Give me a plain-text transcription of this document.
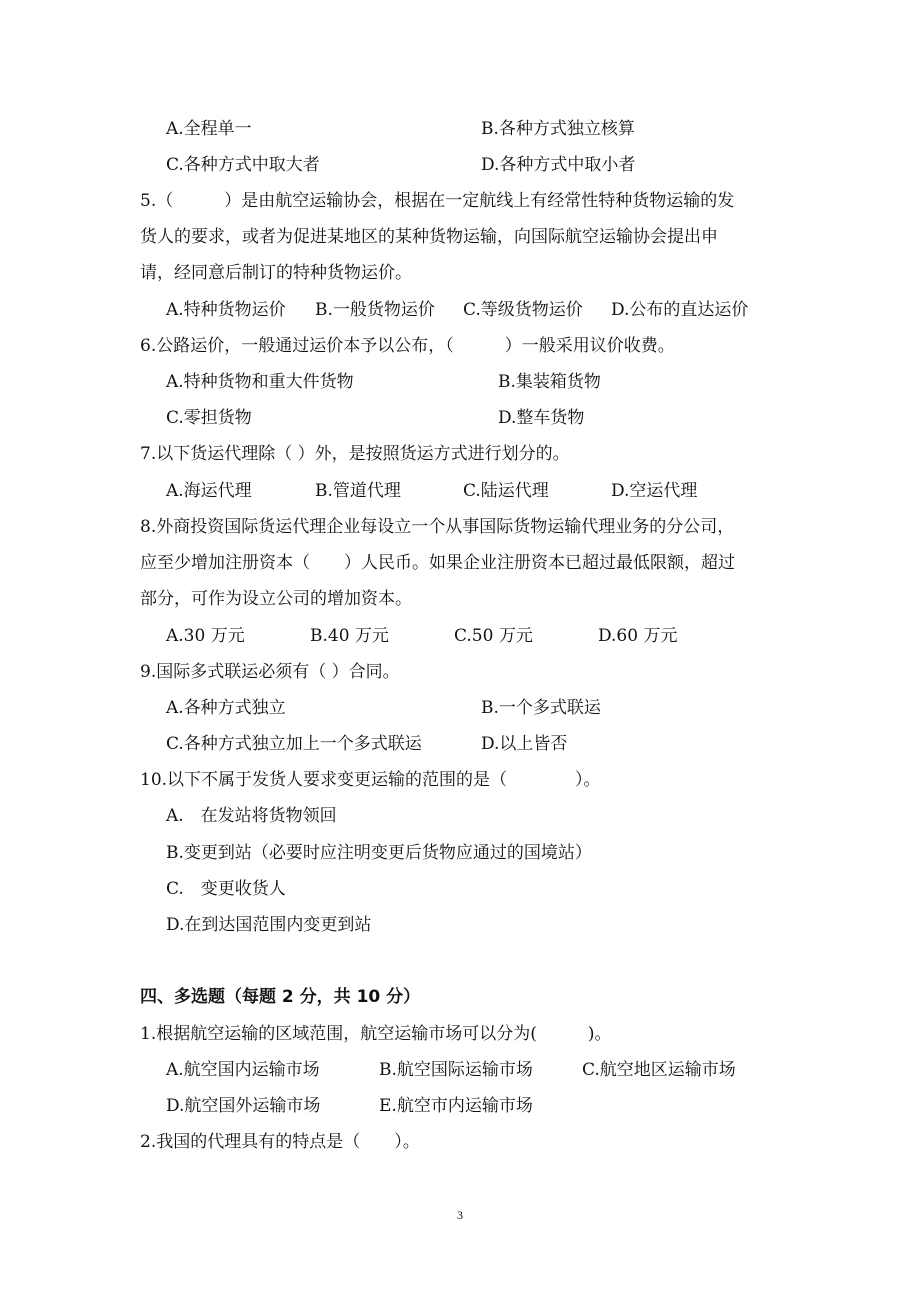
A.全程单一	B.各种方式独立核算
C.各种方式中取大者	D.各种方式中取小者
5.（　　　）是由航空运输协会，根据在一定航线上有经常性特种货物运输的发
货人的要求，或者为促进某地区的某种货物运输，向国际航空运输协会提出申
请，经同意后制订的特种货物运价。
A.特种货物运价 B.一般货物运价 C.等级货物运价 D.公布的直达运价
6.公路运价，一般通过运价本予以公布，（　　　）一般采用议价收费。
A.特种货物和重大件货物	B.集装箱货物
C.零担货物	D.整车货物
7.以下货运代理除（ ）外，是按照货运方式进行划分的。
A.海运代理	B.管道代理	C.陆运代理	D.空运代理
8.外商投资国际货运代理企业每设立一个从事国际货物运输代理业务的分公司，
应至少增加注册资本（　　）人民币。如果企业注册资本已超过最低限额，超过
部分，可作为设立公司的增加资本。
A.30 万元	B.40 万元	C.50 万元	D.60 万元
9.国际多式联运必须有（ ）合同。
A.各种方式独立	B.一个多式联运
C.各种方式独立加上一个多式联运	D.以上皆否
10.以下不属于发货人要求变更运输的范围的是（　　　　）。
A.　在发站将货物领回
B.变更到站（必要时应注明变更后货物应通过的国境站）
C.　变更收货人
D.在到达国范围内变更到站
四、多选题（每题 2 分，共 10 分）
1.根据航空运输的区域范围，航空运输市场可以分为(　　　)。
A.航空国内运输市场	B.航空国际运输市场	C.航空地区运输市场
D.航空国外运输市场	E.航空市内运输市场
2.我国的代理具有的特点是（　　）。
3
